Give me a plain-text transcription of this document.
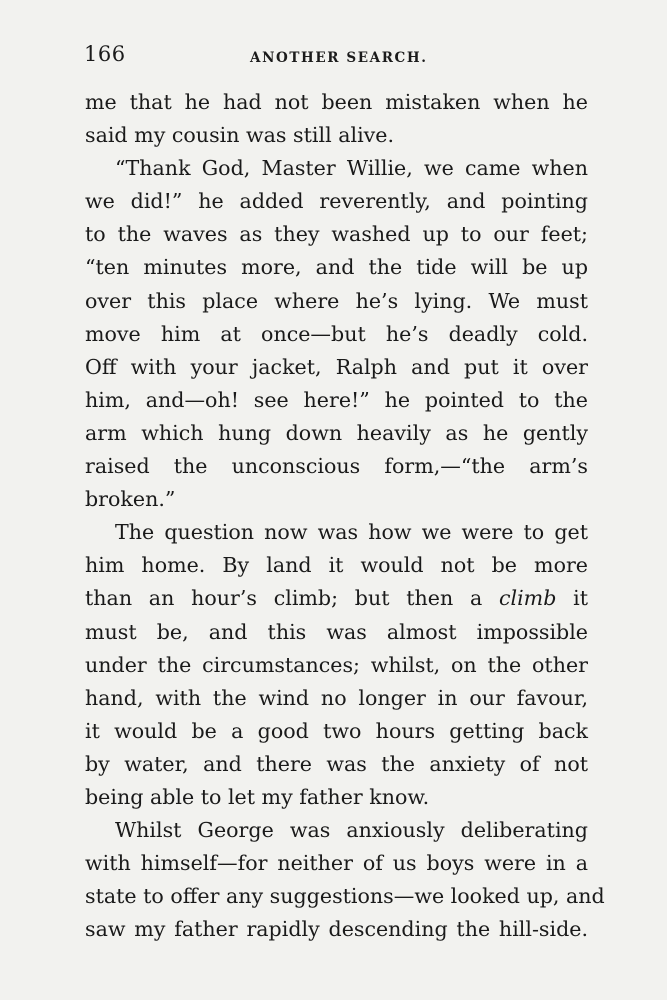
166	ANOTHER SEARCH.
me that he had not been mistaken when he
said my cousin was still alive.
“Thank God, Master Willie, we came when
we did!” he added reverently, and pointing
to the waves as they washed up to our feet;
“ten minutes more, and the tide will be up
over this place where he’s lying. We must
move him at once—but he’s deadly cold.
Off with your jacket, Ralph and put it over
him, and—oh! see here!” he pointed to the
arm which hung down heavily as he gently
raised the unconscious form,—“the arm’s
broken.”
The question now was how we were to get
him home. By land it would not be more
than an hour’s climb; but then a climb it
must be, and this was almost impossible
under the circumstances; whilst, on the other
hand, with the wind no longer in our favour,
it would be a good two hours getting back
by water, and there was the anxiety of not
being able to let my father know.
Whilst George was anxiously deliberating
with himself—for neither of us boys were in a
state to offer any suggestions—we looked up, and
saw my father rapidly descending the hill-side.
